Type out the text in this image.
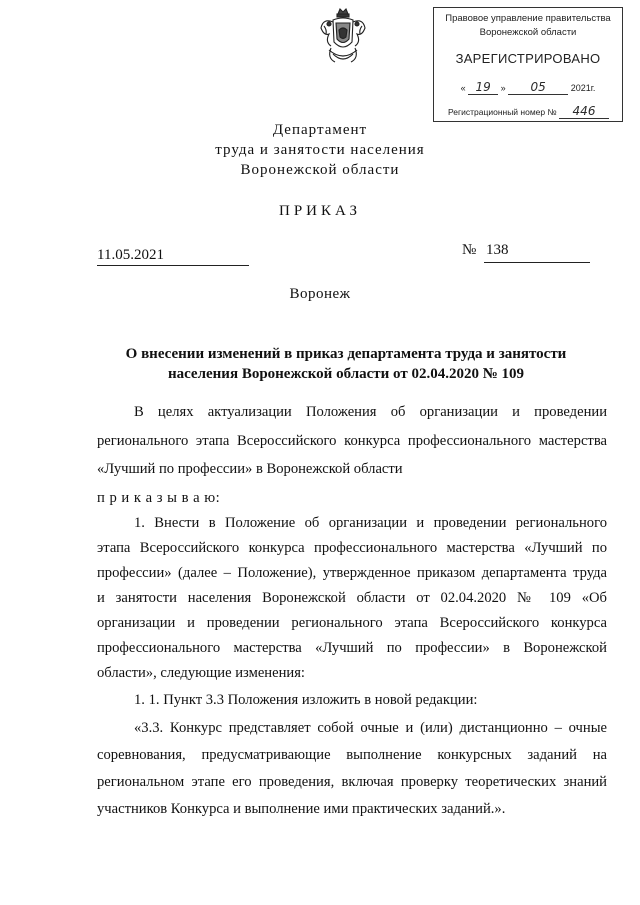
Правовое управление правительства
Воронежской области
ЗАРЕГИСТРИРОВАНО
« 19 » 05	2021г.
Регистрационный номер № 446
Департамент
труда и занятости населения
Воронежской области
ПРИКАЗ
11.05.2021	№ 138
Воронеж
О внесении изменений в приказ департамента труда и занятости
населения Воронежской области от 02.04.2020 № 109
В целях актуализации Положения об организации и проведении
регионального этапа Всероссийского конкурса профессионального мастерства
«Лучший по профессии» в Воронежской области
п р и к а з ы в а ю:
1. Внести в Положение об организации и проведении регионального
этапа Всероссийского конкурса профессионального мастерства «Лучший по
профессии» (далее – Положение), утвержденное приказом департамента труда
и занятости населения Воронежской области от 02.04.2020 № 109 «Об
организации и проведении регионального этапа Всероссийского конкурса
профессионального мастерства «Лучший по профессии» в Воронежской
области», следующие изменения:
1. 1. Пункт 3.3 Положения изложить в новой редакции:
«3.3. Конкурс представляет собой очные и (или) дистанционно – очные
соревнования, предусматривающие выполнение конкурсных заданий на
региональном этапе его проведения, включая проверку теоретических знаний
участников Конкурса и выполнение ими практических заданий.».
